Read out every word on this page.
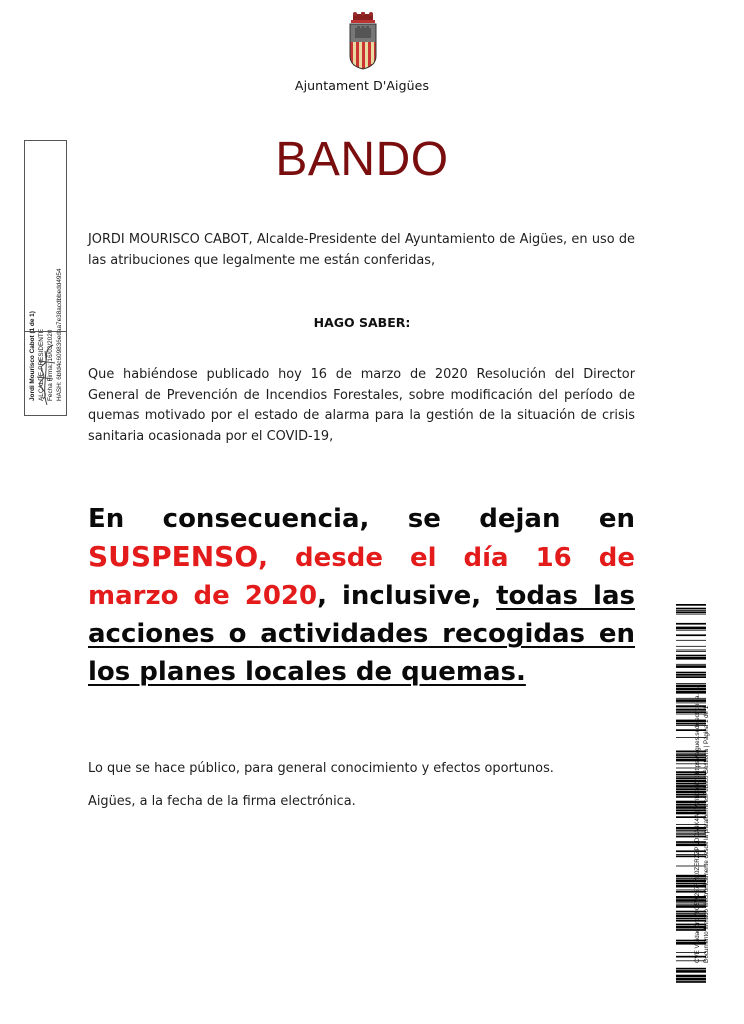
Ajuntament D'Aigües
BANDO
JORDI MOURISCO CABOT, Alcalde-Presidente del Ayuntamiento de Aigües, en uso de las atribuciones que legalmente me están conferidas,
HAGO SABER:
Que habiéndose publicado hoy 16 de marzo de 2020 Resolución del Director General de Prevención de Incendios Forestales, sobre modificación del período de quemas motivado por el estado de alarma para la gestión de la situación de crisis sanitaria ocasionada por el COVID-19,
En consecuencia, se dejan en SUSPENSO, desde el día 16 de marzo de 2020, inclusive, todas las acciones o actividades recogidas en los planes locales de quemas.
Lo que se hace público, para general conocimiento y efectos oportunos.
Aigües, a la fecha de la firma electrónica.
Jordi Mourisco Cabot (1 de 1) ALCALDE-PRESIDENTE Fecha Firma: 16/03/2020 HASH: 6bfd4c609836edaa7e38acdbbedd4954
CVE Validación: 79C5W257FYK0ZERZZPNDCA4K4A | Verificación: https://aigues.sedelectronica.es/ Documento firmado electrónicamente desde la plataforma esPublico Gestiona | Página 1 de 1
